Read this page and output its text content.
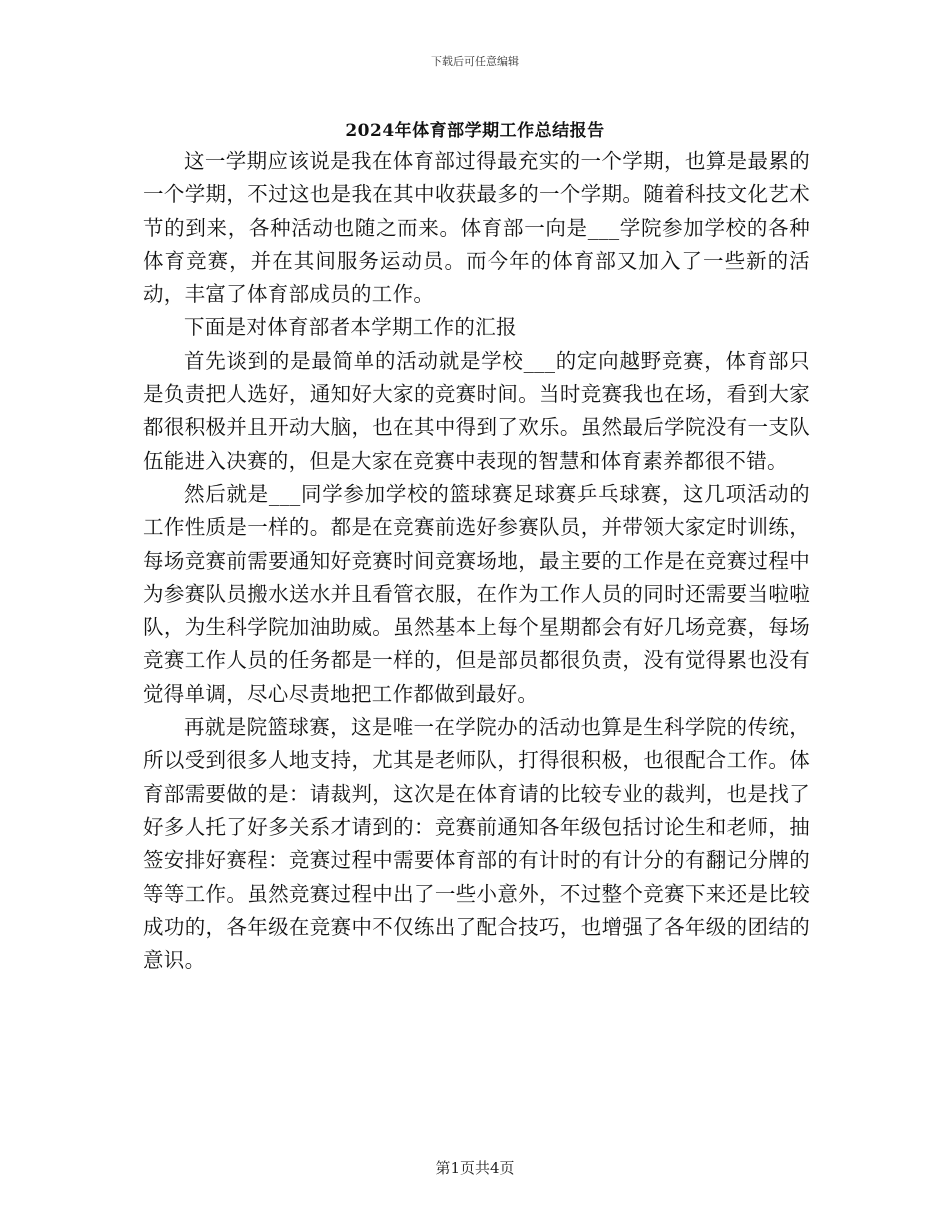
下载后可任意编辑
2024年体育部学期工作总结报告

这一学期应该说是我在体育部过得最充实的一个学期，也算是最累的一个学期，不过这也是我在其中收获最多的一个学期。随着科技文化艺术节的到来，各种活动也随之而来。体育部一向是___学院参加学校的各种体育竞赛，并在其间服务运动员。而今年的体育部又加入了一些新的活动，丰富了体育部成员的工作。

下面是对体育部者本学期工作的汇报

首先谈到的是最简单的活动就是学校___的定向越野竞赛，体育部只是负责把人选好，通知好大家的竞赛时间。当时竞赛我也在场，看到大家都很积极并且开动大脑，也在其中得到了欢乐。虽然最后学院没有一支队伍能进入决赛的，但是大家在竞赛中表现的智慧和体育素养都很不错。

然后就是___同学参加学校的篮球赛足球赛乒乓球赛，这几项活动的工作性质是一样的。都是在竞赛前选好参赛队员，并带领大家定时训练，每场竞赛前需要通知好竞赛时间竞赛场地，最主要的工作是在竞赛过程中为参赛队员搬水送水并且看管衣服，在作为工作人员的同时还需要当啦啦队，为生科学院加油助威。虽然基本上每个星期都会有好几场竞赛，每场竞赛工作人员的任务都是一样的，但是部员都很负责，没有觉得累也没有觉得单调，尽心尽责地把工作都做到最好。

再就是院篮球赛，这是唯一在学院办的活动也算是生科学院的传统，所以受到很多人地支持，尤其是老师队，打得很积极，也很配合工作。体育部需要做的是：请裁判，这次是在体育请的比较专业的裁判，也是找了好多人托了好多关系才请到的：竞赛前通知各年级包括讨论生和老师，抽签安排好赛程：竞赛过程中需要体育部的有计时的有计分的有翻记分牌的等等工作。虽然竞赛过程中出了一些小意外，不过整个竞赛下来还是比较成功的，各年级在竞赛中不仅练出了配合技巧，也增强了各年级的团结的意识。

第1页共4页
